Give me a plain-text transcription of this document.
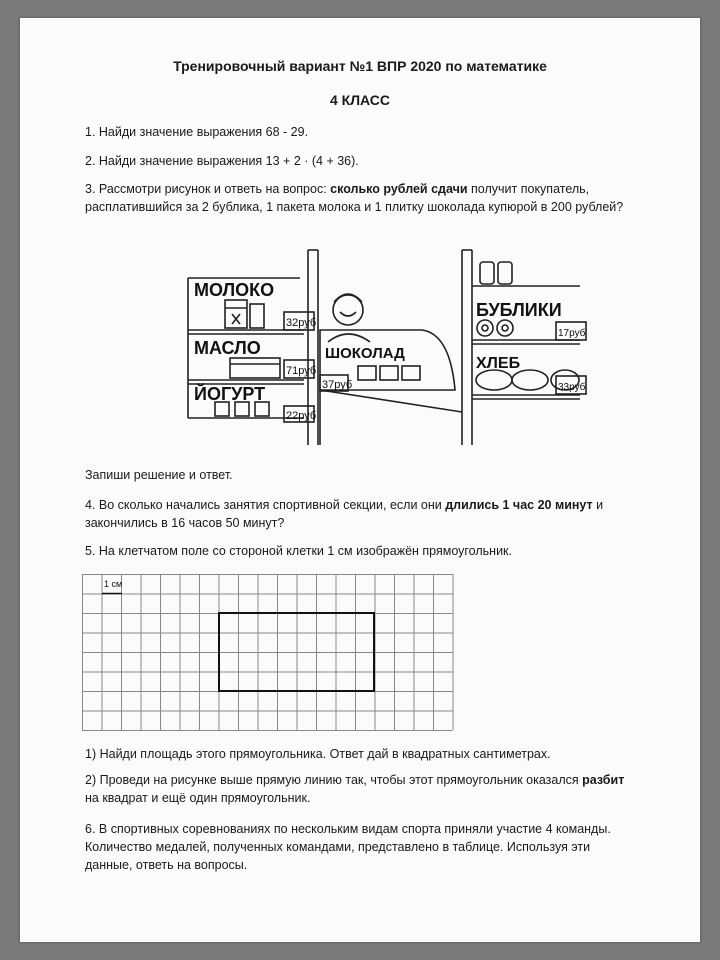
Тренировочный вариант №1 ВПР 2020 по математике
4 КЛАСС
1. Найди значение выражения 68 - 29.
2. Найди значение выражения 13 + 2 · (4 + 36).
3. Рассмотри рисунок и ответь на вопрос: сколько рублей сдачи получит покупатель,
расплатившийся за 2 бублика, 1 пакета молока и 1 плитку шоколада купюрой в 200 рублей?
МОЛОКО
МАСЛО
ЙОГУРТ
ШОКОЛАД
БУБЛИКИ
ХЛЕБ
32руб
71руб
22руб
37руб
17руб
33руб
Запиши решение и ответ.
4. Во сколько начались занятия спортивной секции, если они длились 1 час 20 минут и
закончились в 16 часов 50 минут?
5. На клетчатом поле со стороной клетки 1 см изображён прямоугольник.
1 см
1) Найди площадь этого прямоугольника. Ответ дай в квадратных сантиметрах.
2) Проведи на рисунке выше прямую линию так, чтобы этот прямоугольник оказался разбит
на квадрат и ещё один прямоугольник.
6. В спортивных соревнованиях по нескольким видам спорта приняли участие 4 команды.
Количество медалей, полученных командами, представлено в таблице. Используя эти
данные, ответь на вопросы.
